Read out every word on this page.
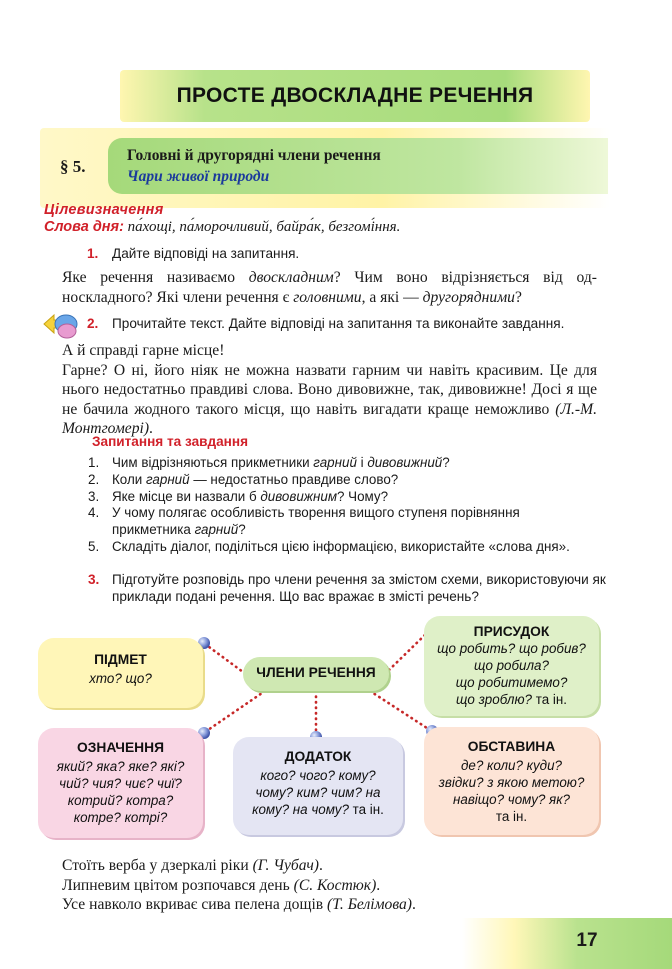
ПРОСТЕ ДВОСКЛАДНЕ РЕЧЕННЯ
§ 5.
Головні й другорядні члени речення
Чари живої природи
Цілевизначення
Слова дня: па́хощі, па́морочливий, байра́к, безгомі́ння.
1. Дайте відповіді на запитання.
Яке речення називаємо двоскладним? Чим воно відрізняється від односкладного? Які члени речення є головними, а які — другорядними?
2. Прочитайте текст. Дайте відповіді на запитання та виконайте завдання.
А й справді гарне місце!
Гарне? О ні, його ніяк не можна назвати гарним чи навіть красивим. Це для нього недостатньо правдиві слова. Воно дивовижне, так, дивовижне! Досі я ще не бачила жодного такого місця, що навіть вигадати краще неможливо (Л.-М. Монтгомері).
Запитання та завдання
1. Чим відрізняються прикметники гарний і дивовижний?
2. Коли гарний — недостатньо правдиве слово?
3. Яке місце ви назвали б дивовижним? Чому?
4. У чому полягає особливість творення вищого ступеня порівняння прикметника гарний?
5. Складіть діалог, поділіться цією інформацією, використайте «слова дня».
3. Підготуйте розповідь про члени речення за змістом схеми, використовуючи як приклади подані речення. Що вас вражає в змісті речень?
ПІДМЕТ
хто? що?
ПРИСУДОК
що робить? що робив?
що робила?
що робитимемо?
що зроблю? та ін.
ЧЛЕНИ РЕЧЕННЯ
ОЗНАЧЕННЯ
який? яка? яке? які?
чий? чия? чиє? чиї?
котрий? котра?
котре? котрі?
ДОДАТОК
кого? чого? кому?
чому? ким? чим? на
кому? на чому? та ін.
ОБСТАВИНА
де? коли? куди?
звідки? з якою метою?
навіщо? чому? як?
та ін.
Стоїть верба у дзеркалі ріки (Г. Чубач).
Липневим цвітом розпочався день (С. Костюк).
Усе навколо вкриває сива пелена дощів (Т. Белімова).
17
